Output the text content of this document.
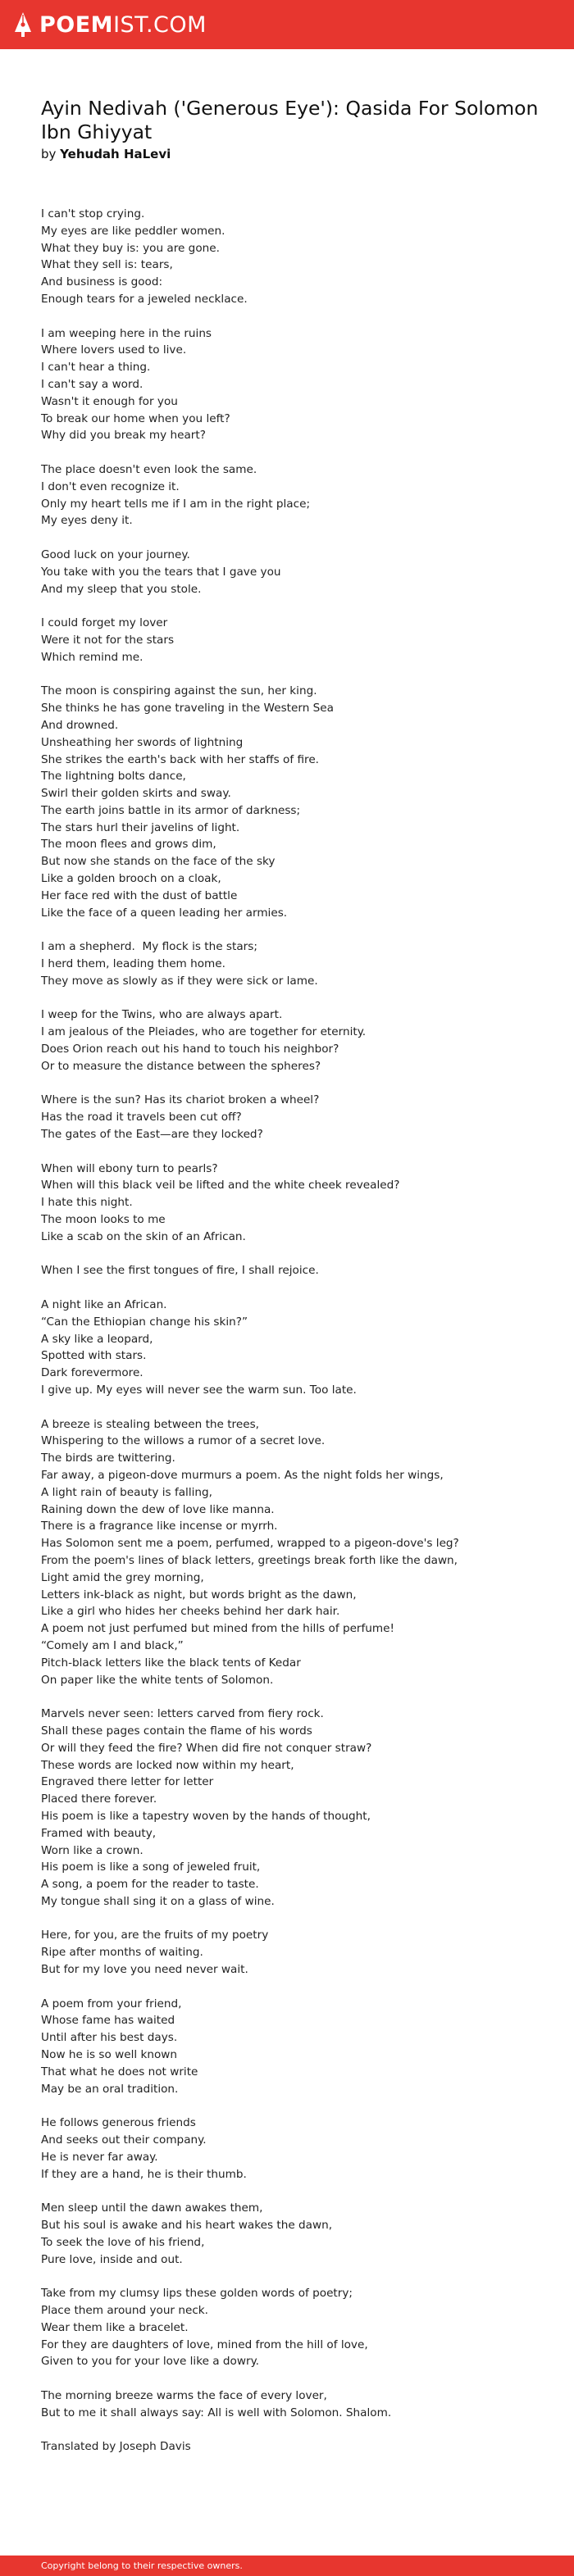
POEMIST.COM
Ayin Nedivah ('Generous Eye'): Qasida For Solomon Ibn Ghiyyat
by Yehudah HaLevi
I can't stop crying.
My eyes are like peddler women.
What they buy is: you are gone.
What they sell is: tears,
And business is good:
Enough tears for a jeweled necklace.
I am weeping here in the ruins
Where lovers used to live.
I can't hear a thing.
I can't say a word.
Wasn't it enough for you
To break our home when you left?
Why did you break my heart?
The place doesn't even look the same.
I don't even recognize it.
Only my heart tells me if I am in the right place;
My eyes deny it.
Good luck on your journey.
You take with you the tears that I gave you
And my sleep that you stole.
I could forget my lover
Were it not for the stars
Which remind me.
The moon is conspiring against the sun, her king.
She thinks he has gone traveling in the Western Sea
And drowned.
Unsheathing her swords of lightning
She strikes the earth's back with her staffs of fire.
The lightning bolts dance,
Swirl their golden skirts and sway.
The earth joins battle in its armor of darkness;
The stars hurl their javelins of light.
The moon flees and grows dim,
But now she stands on the face of the sky
Like a golden brooch on a cloak,
Her face red with the dust of battle
Like the face of a queen leading her armies.
I am a shepherd.  My flock is the stars;
I herd them, leading them home.
They move as slowly as if they were sick or lame.
I weep for the Twins, who are always apart.
I am jealous of the Pleiades, who are together for eternity.
Does Orion reach out his hand to touch his neighbor?
Or to measure the distance between the spheres?
Where is the sun? Has its chariot broken a wheel?
Has the road it travels been cut off?
The gates of the East—are they locked?
When will ebony turn to pearls?
When will this black veil be lifted and the white cheek revealed?
I hate this night.
The moon looks to me
Like a scab on the skin of an African.
When I see the first tongues of fire, I shall rejoice.
A night like an African.
“Can the Ethiopian change his skin?”
A sky like a leopard,
Spotted with stars.
Dark forevermore.
I give up. My eyes will never see the warm sun. Too late.
A breeze is stealing between the trees,
Whispering to the willows a rumor of a secret love.
The birds are twittering.
Far away, a pigeon-dove murmurs a poem. As the night folds her wings,
A light rain of beauty is falling,
Raining down the dew of love like manna.
There is a fragrance like incense or myrrh.
Has Solomon sent me a poem, perfumed, wrapped to a pigeon-dove's leg?
From the poem's lines of black letters, greetings break forth like the dawn,
Light amid the grey morning,
Letters ink-black as night, but words bright as the dawn,
Like a girl who hides her cheeks behind her dark hair.
A poem not just perfumed but mined from the hills of perfume!
“Comely am I and black,”
Pitch-black letters like the black tents of Kedar
On paper like the white tents of Solomon.
Marvels never seen: letters carved from fiery rock.
Shall these pages contain the flame of his words
Or will they feed the fire? When did fire not conquer straw?
These words are locked now within my heart,
Engraved there letter for letter
Placed there forever.
His poem is like a tapestry woven by the hands of thought,
Framed with beauty,
Worn like a crown.
His poem is like a song of jeweled fruit,
A song, a poem for the reader to taste.
My tongue shall sing it on a glass of wine.
Here, for you, are the fruits of my poetry
Ripe after months of waiting.
But for my love you need never wait.
A poem from your friend,
Whose fame has waited
Until after his best days.
Now he is so well known
That what he does not write
May be an oral tradition.
He follows generous friends
And seeks out their company.
He is never far away.
If they are a hand, he is their thumb.
Men sleep until the dawn awakes them,
But his soul is awake and his heart wakes the dawn,
To seek the love of his friend,
Pure love, inside and out.
Take from my clumsy lips these golden words of poetry;
Place them around your neck.
Wear them like a bracelet.
For they are daughters of love, mined from the hill of love,
Given to you for your love like a dowry.
The morning breeze warms the face of every lover,
But to me it shall always say: All is well with Solomon. Shalom.
Translated by Joseph Davis
Copyright belong to their respective owners.
